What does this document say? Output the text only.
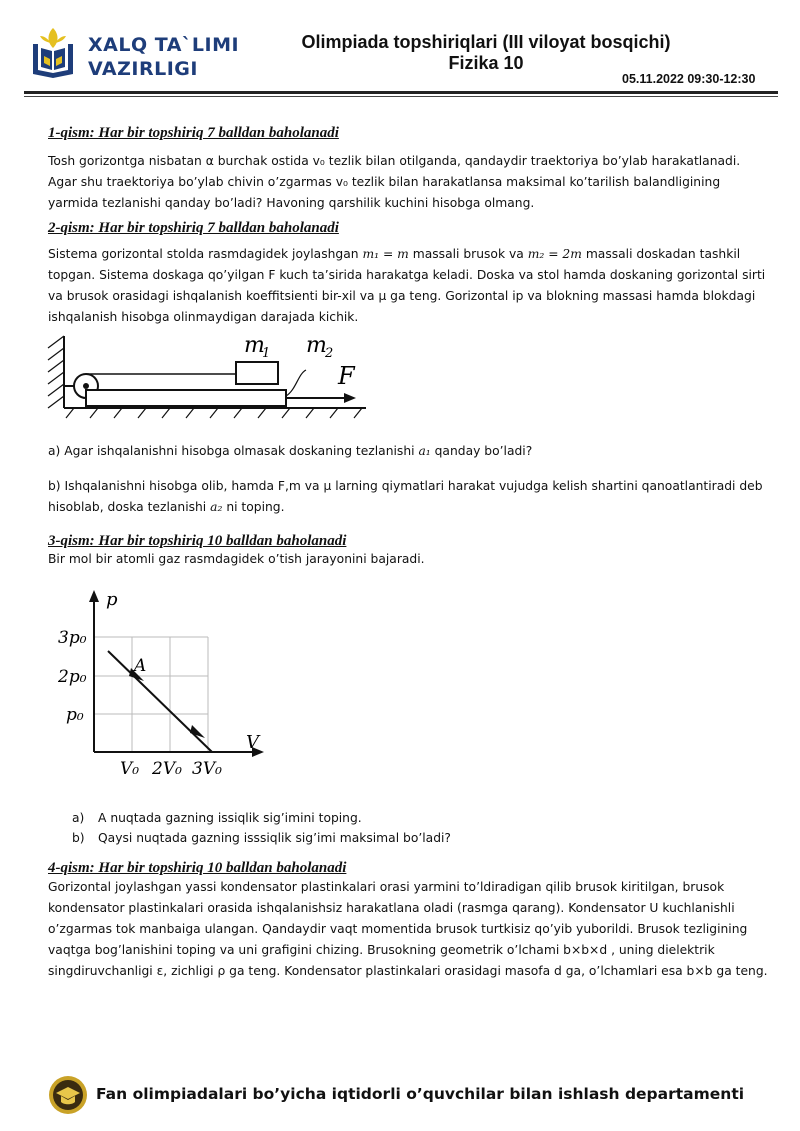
XALQ TA`LIMI
VAZIRLIGI
Olimpiada topshiriqlari (III viloyat bosqichi)
Fizika 10
05.11.2022 09:30-12:30
1-qism: Har bir topshiriq 7 balldan baholanadi
Tosh gorizontga nisbatan α burchak ostida v₀ tezlik bilan otilganda, qandaydir traektoriya bo’ylab harakatlanadi. Agar shu traektoriya bo’ylab chivin o’zgarmas v₀ tezlik bilan harakatlansa maksimal ko’tarilish balandligining yarmida tezlanishi qanday bo’ladi? Havoning qarshilik kuchini hisobga olmang.
2-qism: Har bir topshiriq 7 balldan baholanadi
Sistema gorizontal stolda rasmdagidek joylashgan m₁ = m massali brusok va m₂ = 2m massali doskadan tashkil topgan. Sistema doskaga qo’yilgan F kuch ta’sirida harakatga keladi. Doska va stol hamda doskaning gorizontal sirti va brusok orasidagi ishqalanish koeffitsienti bir-xil va μ ga teng. Gorizontal ip va blokning massasi hamda blokdagi ishqalanish hisobga olinmaydigan darajada kichik.
m
1 m
2
F
a) Agar ishqalanishni hisobga olmasak doskaning tezlanishi a₁ qanday bo’ladi?
b) Ishqalanishni hisobga olib, hamda F,m va μ larning qiymatlari harakat vujudga kelish shartini qanoatlantiradi deb hisoblab, doska tezlanishi a₂ ni toping.
3-qism: Har bir topshiriq 10 balldan baholanadi
Bir mol bir atomli gaz rasmdagidek o’tish jarayonini bajaradi.
p
V
A
3p₀
2p₀
p₀
V₀ 2V₀ 3V₀
a) A nuqtada gazning issiqlik sig’imini toping.
b) Qaysi nuqtada gazning isssiqlik sig’imi maksimal bo’ladi?
4-qism: Har bir topshiriq 10 balldan baholanadi
Gorizontal joylashgan yassi kondensator plastinkalari orasi yarmini to’ldiradigan qilib brusok kiritilgan, brusok kondensator plastinkalari orasida ishqalanishsiz harakatlana oladi (rasmga qarang). Kondensator U kuchlanishli o’zgarmas tok manbaiga ulangan. Qandaydir vaqt momentida brusok turtkisiz qo’yib yuborildi. Brusok tezligining vaqtga bog’lanishini toping va uni grafigini chizing. Brusokning geometrik o’lchami b×b×d , uning dielektrik singdiruvchanligi ε, zichligi ρ ga teng. Kondensator plastinkalari orasidagi masofa d ga, o’lchamlari esa b×b ga teng.
Fan olimpiadalari bo’yicha iqtidorli o’quvchilar bilan ishlash departamenti
